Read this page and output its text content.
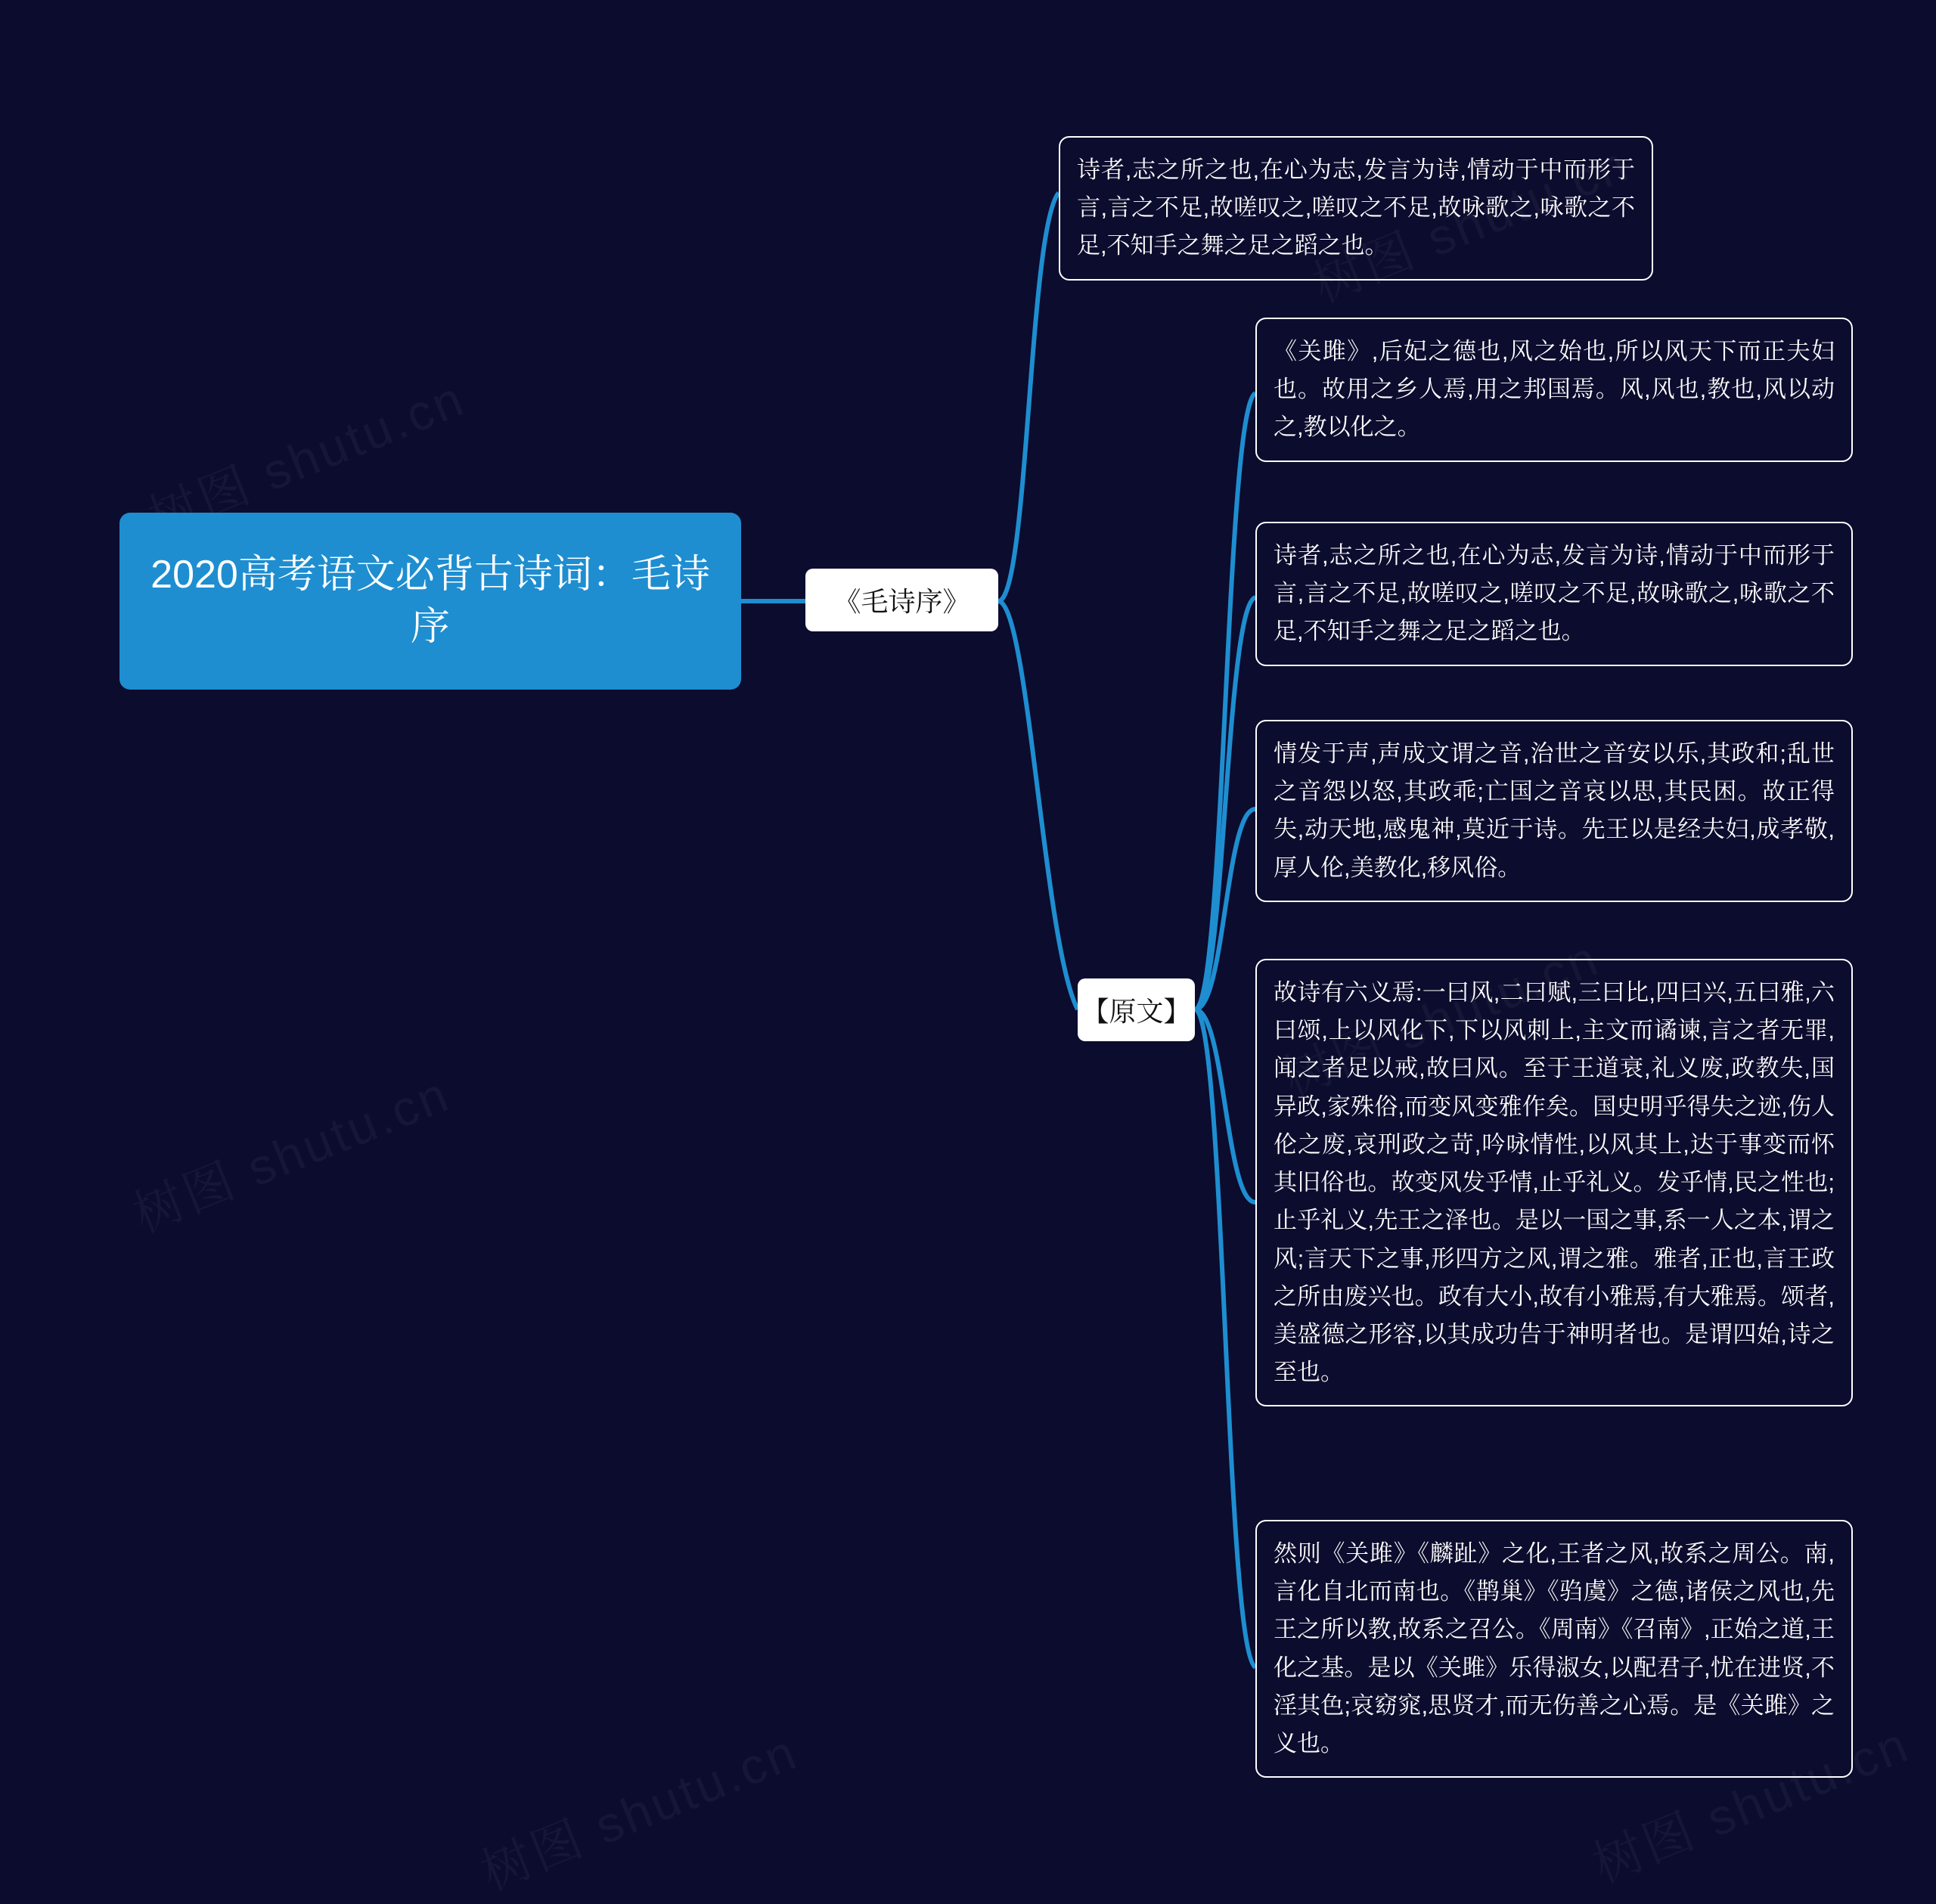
2020高考语文必背古诗词：毛诗序
《毛诗序》
【原文】
诗者,志之所之也,在心为志,发言为诗,情动于中而形于言,言之不足,故嗟叹之,嗟叹之不足,故咏歌之,咏歌之不足,不知手之舞之足之蹈之也。
《关雎》,后妃之德也,风之始也,所以风天下而正夫妇也。故用之乡人焉,用之邦国焉。风,风也,教也,风以动之,教以化之。
诗者,志之所之也,在心为志,发言为诗,情动于中而形于言,言之不足,故嗟叹之,嗟叹之不足,故咏歌之,咏歌之不足,不知手之舞之足之蹈之也。
情发于声,声成文谓之音,治世之音安以乐,其政和;乱世之音怨以怒,其政乖;亡国之音哀以思,其民困。故正得失,动天地,感鬼神,莫近于诗。先王以是经夫妇,成孝敬,厚人伦,美教化,移风俗。
故诗有六义焉:一曰风,二曰赋,三曰比,四曰兴,五曰雅,六曰颂,上以风化下,下以风刺上,主文而谲谏,言之者无罪,闻之者足以戒,故曰风。至于王道衰,礼义废,政教失,国异政,家殊俗,而变风变雅作矣。国史明乎得失之迹,伤人伦之废,哀刑政之苛,吟咏情性,以风其上,达于事变而怀其旧俗也。故变风发乎情,止乎礼义。发乎情,民之性也;止乎礼义,先王之泽也。是以一国之事,系一人之本,谓之风;言天下之事,形四方之风,谓之雅。雅者,正也,言王政之所由废兴也。政有大小,故有小雅焉,有大雅焉。颂者,美盛德之形容,以其成功告于神明者也。是谓四始,诗之至也。
然则《关雎》《麟趾》之化,王者之风,故系之周公。南,言化自北而南也。《鹊巢》《驺虞》之德,诸侯之风也,先王之所以教,故系之召公。《周南》《召南》,正始之道,王化之基。是以《关雎》乐得淑女,以配君子,忧在进贤,不淫其色;哀窈窕,思贤才,而无伤善之心焉。是《关雎》之义也。
